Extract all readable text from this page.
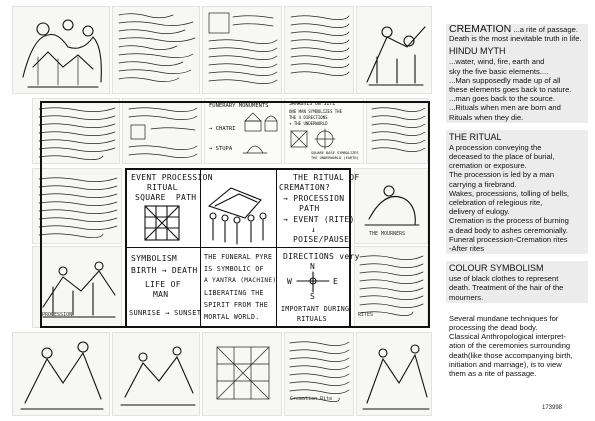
FUNERARY MONUMENTS
→ CHATRI
→ STUPA
SAMADHIS ON SITE
ONE MAN SYMBOLIZES THE
THE 4 DIRECTIONS
+ THE UNDERWORLD
SQUARE BASE SYMBOLIZES
THE UNDERWORLD (EARTH)
THE MOURNERS
EVENT PROCESSION
RITUAL
SQUARE  PATH
THE RITUAL OF
CREMATION?
→ PROCESSION
PATH
→ EVENT (RITE)
↓
POISE/PAUSE
SYMBOLISM
BIRTH → DEATH
LIFE OF
MAN
SUNRISE → SUNSET
THE FUNERAL PYRE
IS SYMBOLIC OF
A YANTRA (MACHINE)
LIBERATING THE
SPIRIT FROM THE
MORTAL WORLD.
DIRECTIONS very
N
W	E
S
IMPORTANT DURING
RITUALS
CREMATION ...a rite of passage.
Death is the most inevitable truth in life.
HINDU MYTH
...water, wind, fire, earth and
sky the five basic elements....
...Man supposedly made up of all
these elements goes back to nature.
...man goes back to the source.
...Rituals when men are born and
Rituals when they die.
THE RITUAL
A procession conveying the
deceased to the place of burial,
cremation or exposure.
The procession is led by a man
carrying a firebrand.
Wakes, processions, tolling of bells,
celebration of relegious rite,
delivery of eulogy.
Cremation is the process of burning
a dead body to ashes ceremonially.
Funeral procession-Cremation rites
-After rites
COLOUR SYMBOLISM
use of black clothes to represent
death. Treatment of the hair of the
mourners.
Several mundane techniques for
processing the dead body.
Classical Anthropological interpret-
ation of the ceremonies surrounding
death(like those accompanying birth,
initiation and marriage), is to view
them as a rite of passage.
173998
PROCESSION	RITES
Cremation Rite
